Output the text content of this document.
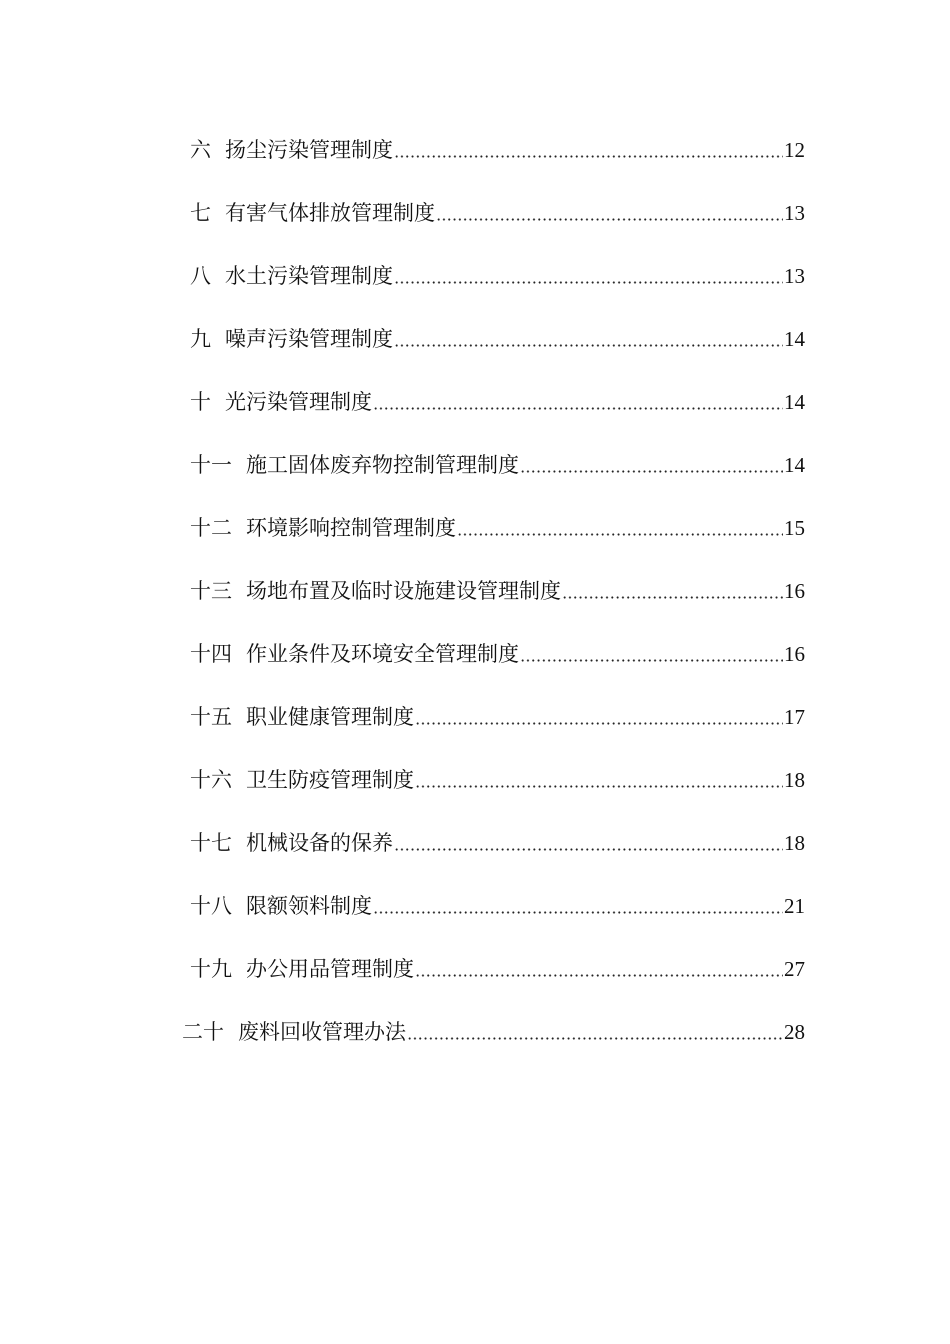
六 扬尘污染管理制度	12
七 有害气体排放管理制度	13
八 水土污染管理制度	13
九 噪声污染管理制度	14
十 光污染管理制度	14
十一 施工固体废弃物控制管理制度	14
十二 环境影响控制管理制度	15
十三 场地布置及临时设施建设管理制度	16
十四 作业条件及环境安全管理制度	16
十五 职业健康管理制度	17
十六 卫生防疫管理制度	18
十七 机械设备的保养	18
十八 限额领料制度	21
十九 办公用品管理制度	27
二十 废料回收管理办法	28
